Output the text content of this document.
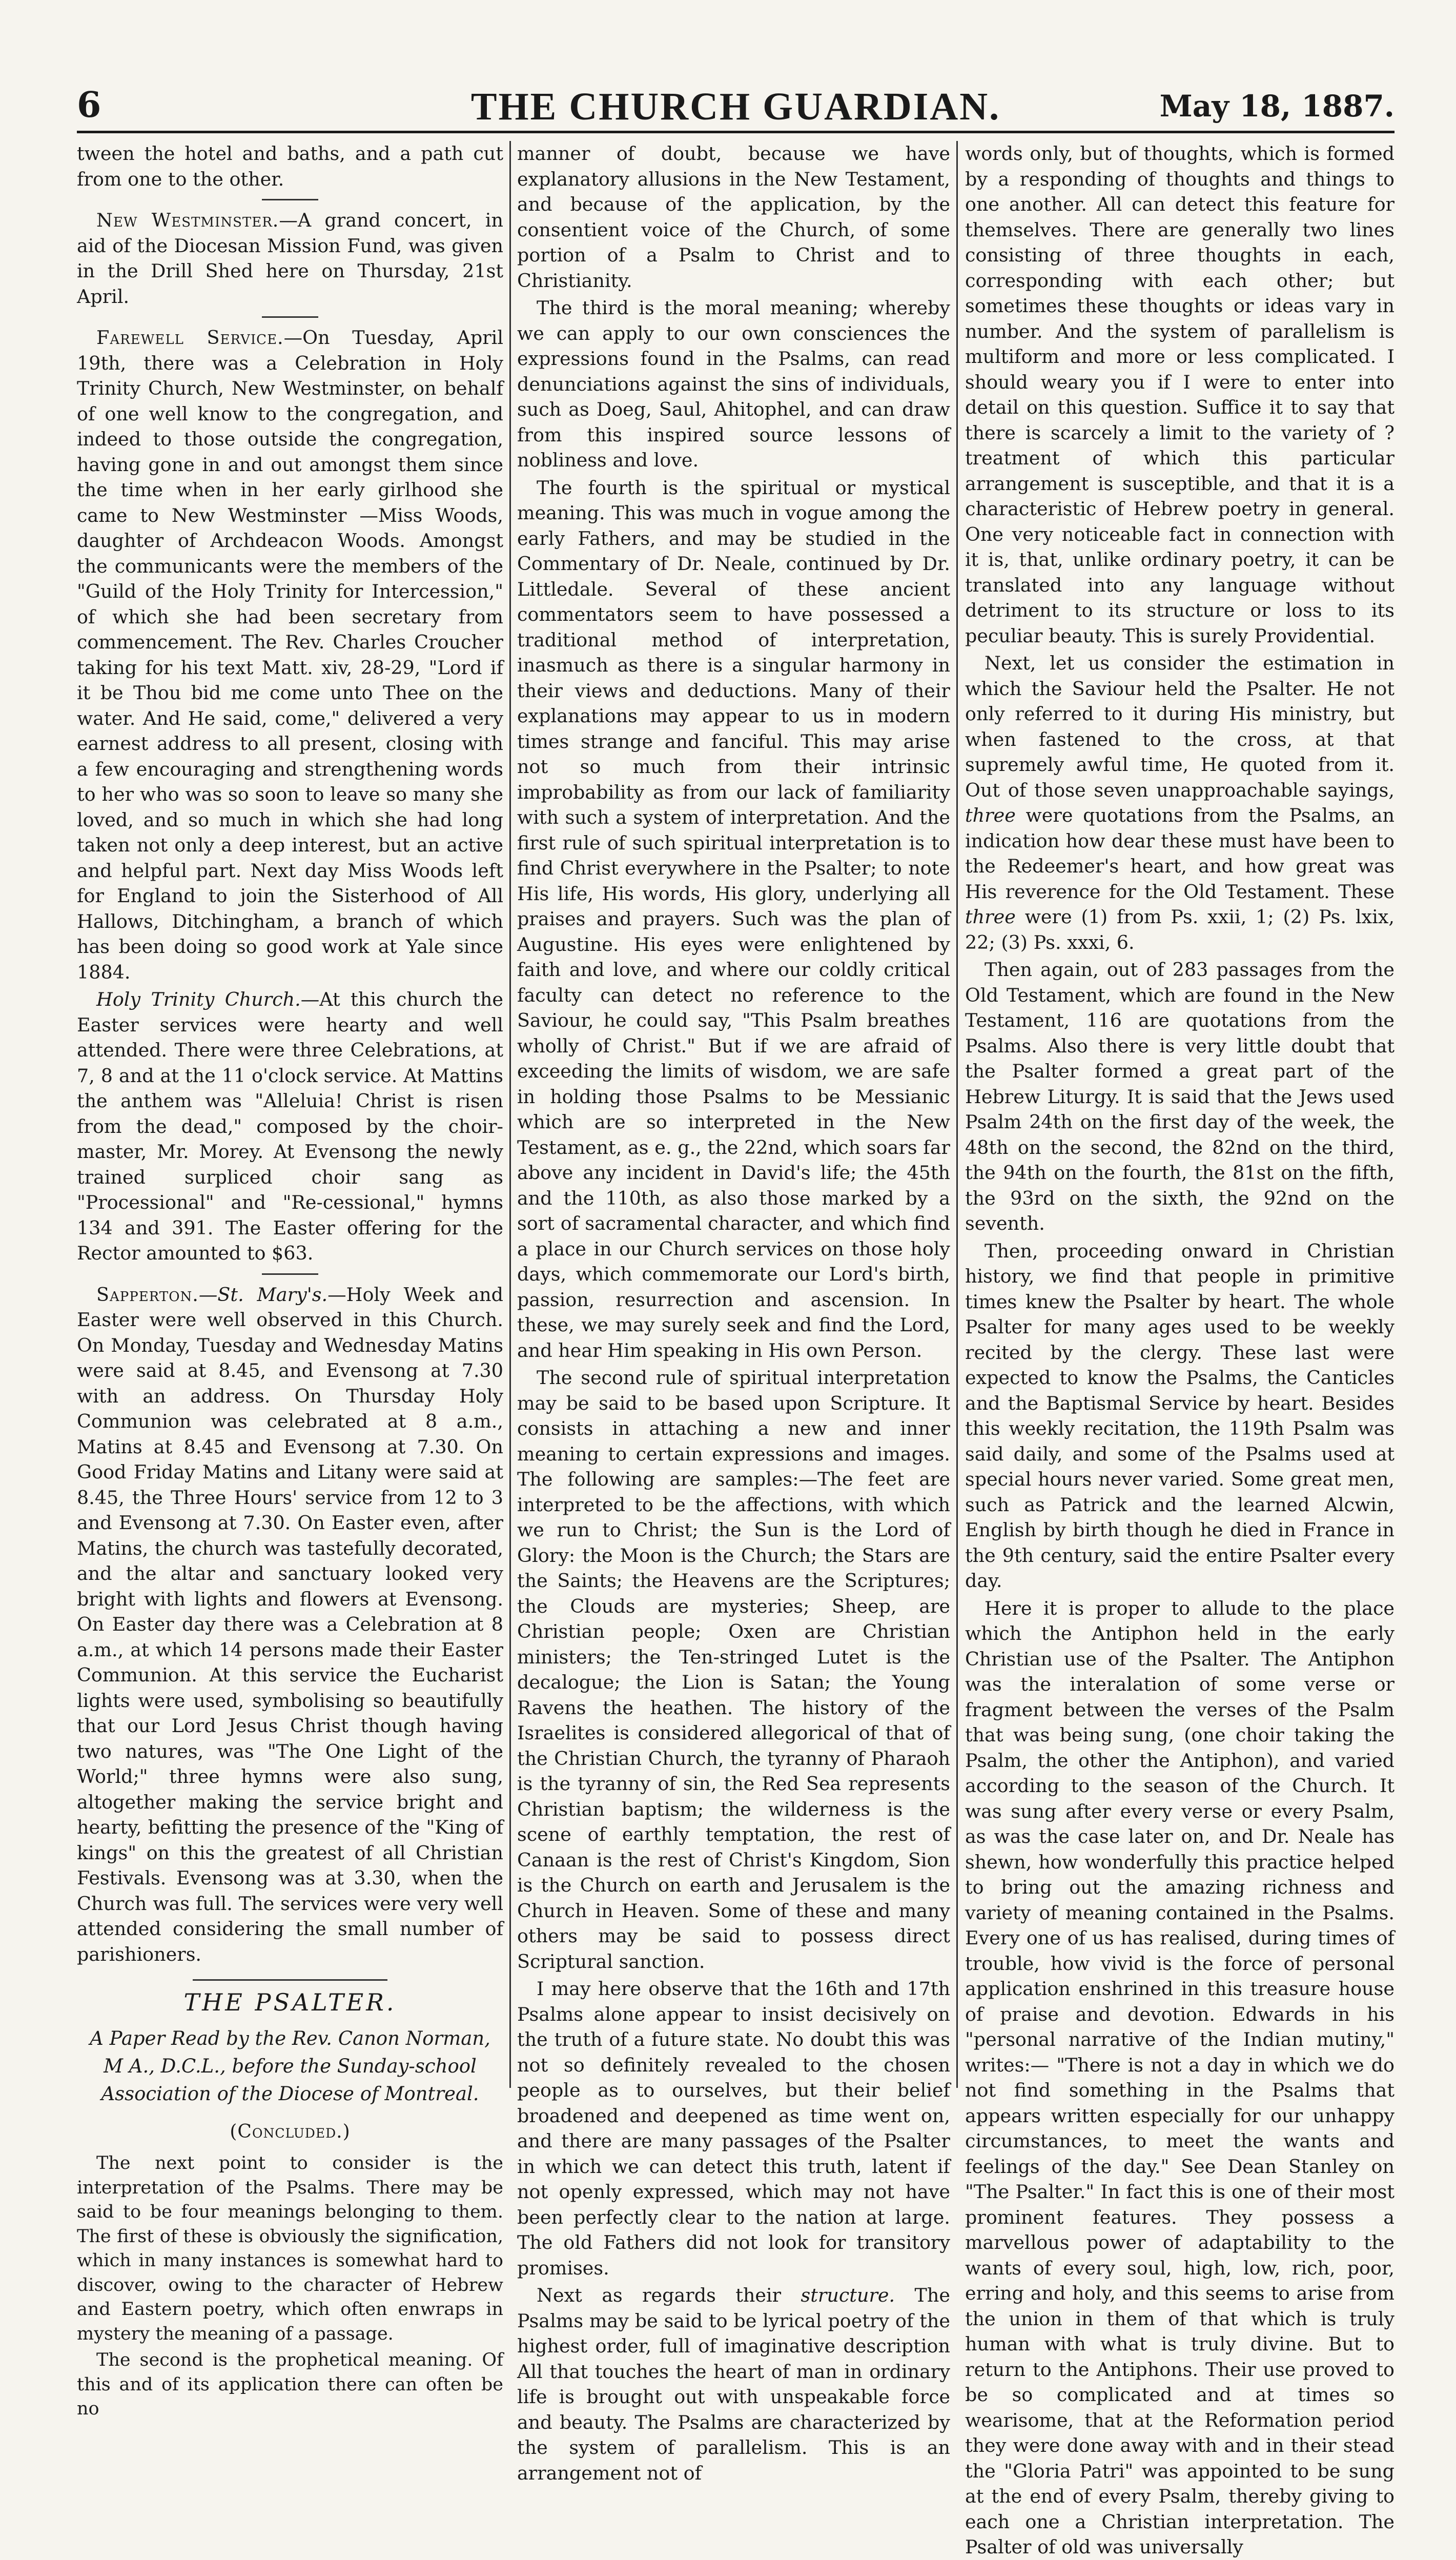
6	THE CHURCH GUARDIAN.	May 18, 1887.

tween the hotel and baths, and a path cut from one to the other.

New Westminster.—A grand concert, in aid of the Diocesan Mission Fund, was given in the Drill Shed here on Thursday, 21st April.

Farewell Service.—On Tuesday, April 19th, there was a Celebration in Holy Trinity Church, New Westminster, on behalf of one well know to the congregation, and indeed to those outside the congregation, having gone in and out amongst them since the time when in her early girlhood she came to New Westminster —Miss Woods, daughter of Archdeacon Woods. Amongst the communicants were the members of the "Guild of the Holy Trinity for Intercession," of which she had been secretary from commencement. The Rev. Charles Croucher taking for his text Matt. xiv, 28-29, "Lord if it be Thou bid me come unto Thee on the water. And He said, come," delivered a very earnest address to all present, closing with a few encouraging and strengthening words to her who was so soon to leave so many she loved, and so much in which she had long taken not only a deep interest, but an active and helpful part. Next day Miss Woods left for England to join the Sisterhood of All Hallows, Ditchingham, a branch of which has been doing so good work at Yale since 1884.

Holy Trinity Church.—At this church the Easter services were hearty and well attended. There were three Celebrations, at 7, 8 and at the 11 o'clock service. At Mattins the anthem was "Alleluia! Christ is risen from the dead," composed by the choir-master, Mr. Morey. At Evensong the newly trained surpliced choir sang as "Processional" and "Re-cessional," hymns 134 and 391. The Easter offering for the Rector amounted to $63.

Sapperton.—St. Mary's.—Holy Week and Easter were well observed in this Church. On Monday, Tuesday and Wednesday Matins were said at 8.45, and Evensong at 7.30 with an address. On Thursday Holy Communion was celebrated at 8 a.m., Matins at 8.45 and Evensong at 7.30. On Good Friday Matins and Litany were said at 8.45, the Three Hours' service from 12 to 3 and Evensong at 7.30. On Easter even, after Matins, the church was tastefully decorated, and the altar and sanctuary looked very bright with lights and flowers at Evensong. On Easter day there was a Celebration at 8 a.m., at which 14 persons made their Easter Communion. At this service the Eucharist lights were used, symbolising so beautifully that our Lord Jesus Christ though having two natures, was "The One Light of the World;" three hymns were also sung, altogether making the service bright and hearty, befitting the presence of the "King of kings" on this the greatest of all Christian Festivals. Evensong was at 3.30, when the Church was full. The services were very well attended considering the small number of parishioners.

THE PSALTER.
A Paper Read by the Rev. Canon Norman, M A., D.C.L., before the Sunday-school Association of the Diocese of Montreal.
(Concluded.)

The next point to consider is the interpretation of the Psalms. There may be said to be four meanings belonging to them. The first of these is obviously the signification, which in many instances is somewhat hard to discover, owing to the character of Hebrew and Eastern poetry, which often enwraps in mystery the meaning of a passage.

The second is the prophetical meaning. Of this and of its application there can often be no

manner of doubt, because we have explanatory allusions in the New Testament, and because of the application, by the consentient voice of the Church, of some portion of a Psalm to Christ and to Christianity.

The third is the moral meaning; whereby we can apply to our own consciences the expressions found in the Psalms, can read denunciations against the sins of individuals, such as Doeg, Saul, Ahitophel, and can draw from this inspired source lessons of nobliness and love.

The fourth is the spiritual or mystical meaning. This was much in vogue among the early Fathers, and may be studied in the Commentary of Dr. Neale, continued by Dr. Littledale. Several of these ancient commentators seem to have possessed a traditional method of interpretation, inasmuch as there is a singular harmony in their views and deductions. Many of their explanations may appear to us in modern times strange and fanciful. This may arise not so much from their intrinsic improbability as from our lack of familiarity with such a system of interpretation. And the first rule of such spiritual interpretation is to find Christ everywhere in the Psalter; to note His life, His words, His glory, underlying all praises and prayers. Such was the plan of Augustine. His eyes were enlightened by faith and love, and where our coldly critical faculty can detect no reference to the Saviour, he could say, "This Psalm breathes wholly of Christ." But if we are afraid of exceeding the limits of wisdom, we are safe in holding those Psalms to be Messianic which are so interpreted in the New Testament, as e. g., the 22nd, which soars far above any incident in David's life; the 45th and the 110th, as also those marked by a sort of sacramental character, and which find a place in our Church services on those holy days, which commemorate our Lord's birth, passion, resurrection and ascension. In these, we may surely seek and find the Lord, and hear Him speaking in His own Person.

The second rule of spiritual interpretation may be said to be based upon Scripture. It consists in attaching a new and inner meaning to certain expressions and images. The following are samples:—The feet are interpreted to be the affections, with which we run to Christ; the Sun is the Lord of Glory: the Moon is the Church; the Stars are the Saints; the Heavens are the Scriptures; the Clouds are mysteries; Sheep, are Christian people; Oxen are Christian ministers; the Ten-stringed Lutet is the decalogue; the Lion is Satan; the Young Ravens the heathen. The history of the Israelites is considered allegorical of that of the Christian Church, the tyranny of Pharaoh is the tyranny of sin, the Red Sea represents Christian baptism; the wilderness is the scene of earthly temptation, the rest of Canaan is the rest of Christ's Kingdom, Sion is the Church on earth and Jerusalem is the Church in Heaven. Some of these and many others may be said to possess direct Scriptural sanction.

I may here observe that the 16th and 17th Psalms alone appear to insist decisively on the truth of a future state. No doubt this was not so definitely revealed to the chosen people as to ourselves, but their belief broadened and deepened as time went on, and there are many passages of the Psalter in which we can detect this truth, latent if not openly expressed, which may not have been perfectly clear to the nation at large. The old Fathers did not look for transitory promises.

Next as regards their structure. The Psalms may be said to be lyrical poetry of the highest order, full of imaginative description All that touches the heart of man in ordinary life is brought out with unspeakable force and beauty. The Psalms are characterized by the system of parallelism. This is an arrangement not of

words only, but of thoughts, which is formed by a responding of thoughts and things to one another. All can detect this feature for themselves. There are generally two lines consisting of three thoughts in each, corresponding with each other; but sometimes these thoughts or ideas vary in number. And the system of parallelism is multiform and more or less complicated. I should weary you if I were to enter into detail on this question. Suffice it to say that there is scarcely a limit to the variety of ?treatment of which this particular arrangement is susceptible, and that it is a characteristic of Hebrew poetry in general. One very noticeable fact in connection with it is, that, unlike ordinary poetry, it can be translated into any language without detriment to its structure or loss to its peculiar beauty. This is surely Providential.

Next, let us consider the estimation in which the Saviour held the Psalter. He not only referred to it during His ministry, but when fastened to the cross, at that supremely awful time, He quoted from it. Out of those seven unapproachable sayings, three were quotations from the Psalms, an indication how dear these must have been to the Redeemer's heart, and how great was His reverence for the Old Testament. These three were (1) from Ps. xxii, 1; (2) Ps. lxix, 22; (3) Ps. xxxi, 6.

Then again, out of 283 passages from the Old Testament, which are found in the New Testament, 116 are quotations from the Psalms. Also there is very little doubt that the Psalter formed a great part of the Hebrew Liturgy. It is said that the Jews used Psalm 24th on the first day of the week, the 48th on the second, the 82nd on the third, the 94th on the fourth, the 81st on the fifth, the 93rd on the sixth, the 92nd on the seventh.

Then, proceeding onward in Christian history, we find that people in primitive times knew the Psalter by heart. The whole Psalter for many ages used to be weekly recited by the clergy. These last were expected to know the Psalms, the Canticles and the Baptismal Service by heart. Besides this weekly recitation, the 119th Psalm was said daily, and some of the Psalms used at special hours never varied. Some great men, such as Patrick and the learned Alcwin, English by birth though he died in France in the 9th century, said the entire Psalter every day.

Here it is proper to allude to the place which the Antiphon held in the early Christian use of the Psalter. The Antiphon was the interalation of some verse or fragment between the verses of the Psalm that was being sung, (one choir taking the Psalm, the other the Antiphon), and varied according to the season of the Church. It was sung after every verse or every Psalm, as was the case later on, and Dr. Neale has shewn, how wonderfully this practice helped to bring out the amazing richness and variety of meaning contained in the Psalms. Every one of us has realised, during times of trouble, how vivid is the force of personal application enshrined in this treasure house of praise and devotion. Edwards in his "personal narrative of the Indian mutiny," writes:— "There is not a day in which we do not find something in the Psalms that appears written especially for our unhappy circumstances, to meet the wants and feelings of the day." See Dean Stanley on "The Psalter." In fact this is one of their most prominent features. They possess a marvellous power of adaptability to the wants of every soul, high, low, rich, poor, erring and holy, and this seems to arise from the union in them of that which is truly human with what is truly divine. But to return to the Antiphons. Their use proved to be so complicated and at times so wearisome, that at the Reformation period they were done away with and in their stead the "Gloria Patri" was appointed to be sung at the end of every Psalm, thereby giving to each one a Christian interpretation. The Psalter of old was universally
